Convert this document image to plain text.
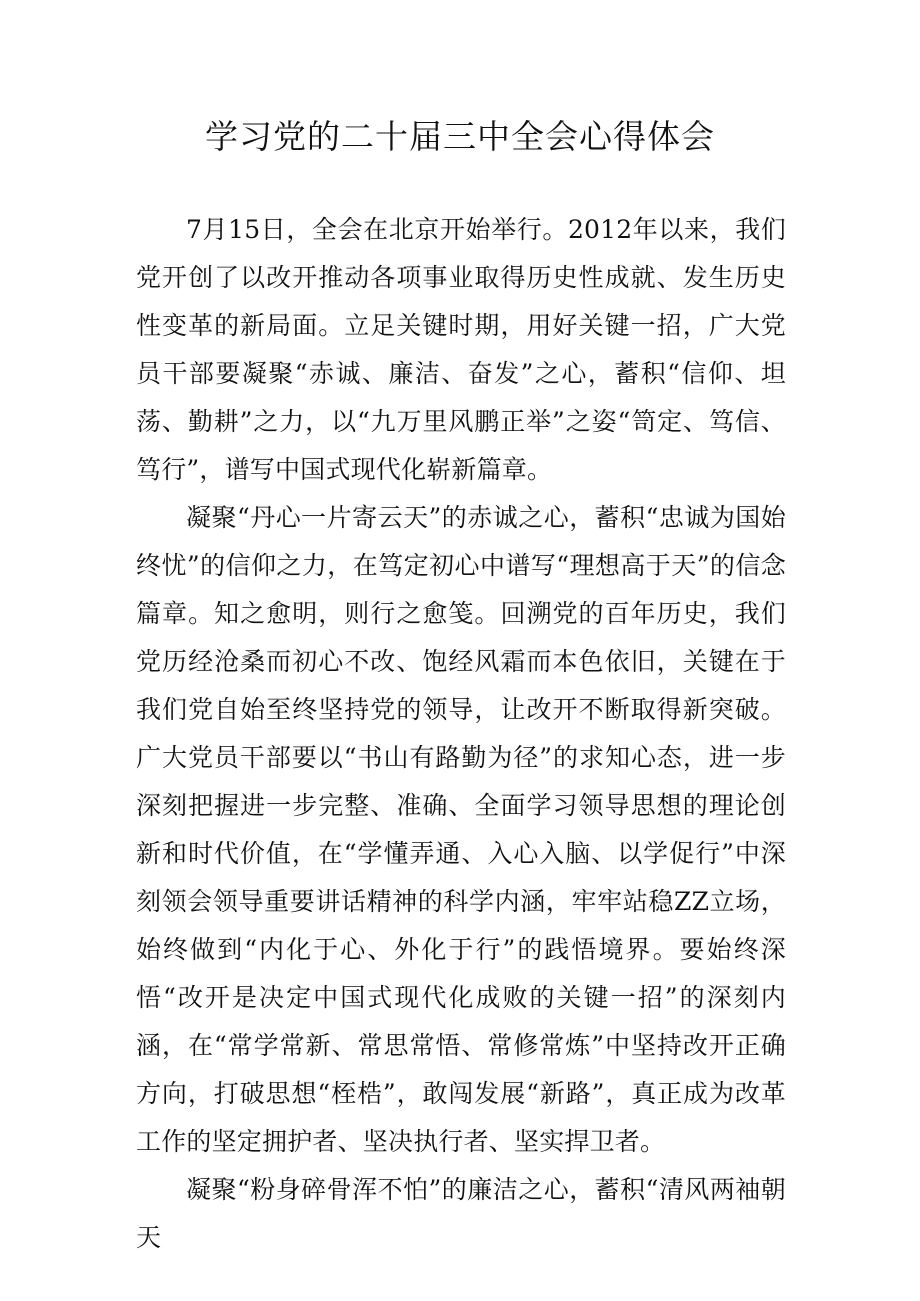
学习党的二十届三中全会心得体会

7月15日，全会在北京开始举行。2012年以来，我们党开创了以改开推动各项事业取得历史性成就、发生历史性变革的新局面。立足关键时期，用好关键一招，广大党员干部要凝聚“赤诚、廉洁、奋发”之心，蓄积“信仰、坦荡、勤耕”之力，以“九万里风鹏正举”之姿“笥定、笃信、笃行”，谱写中国式现代化崭新篇章。

凝聚“丹心一片寄云天”的赤诚之心，蓄积“忠诚为国始终忧”的信仰之力，在笃定初心中谱写“理想高于天”的信念篇章。知之愈明，则行之愈笺。回溯党的百年历史，我们党历经沧桑而初心不改、饱经风霜而本色依旧，关键在于我们党自始至终坚持党的领导，让改开不断取得新突破。广大党员干部要以“书山有路勤为径”的求知心态，进一步深刻把握进一步完整、准确、全面学习领导思想的理论创新和时代价值，在“学懂弄通、入心入脑、以学促行”中深刻领会领导重要讲话精神的科学内涵，牢牢站稳ZZ立场，始终做到“内化于心、外化于行”的践悟境界。要始终深悟“改开是决定中国式现代化成败的关键一招”的深刻内涵，在“常学常新、常思常悟、常修常炼”中坚持改开正确方向，打破思想“桎梏”，敢闯发展“新路”，真正成为改革工作的坚定拥护者、坚决执行者、坚实捍卫者。

凝聚“粉身碎骨浑不怕”的廉洁之心，蓄积“清风两袖朝天
